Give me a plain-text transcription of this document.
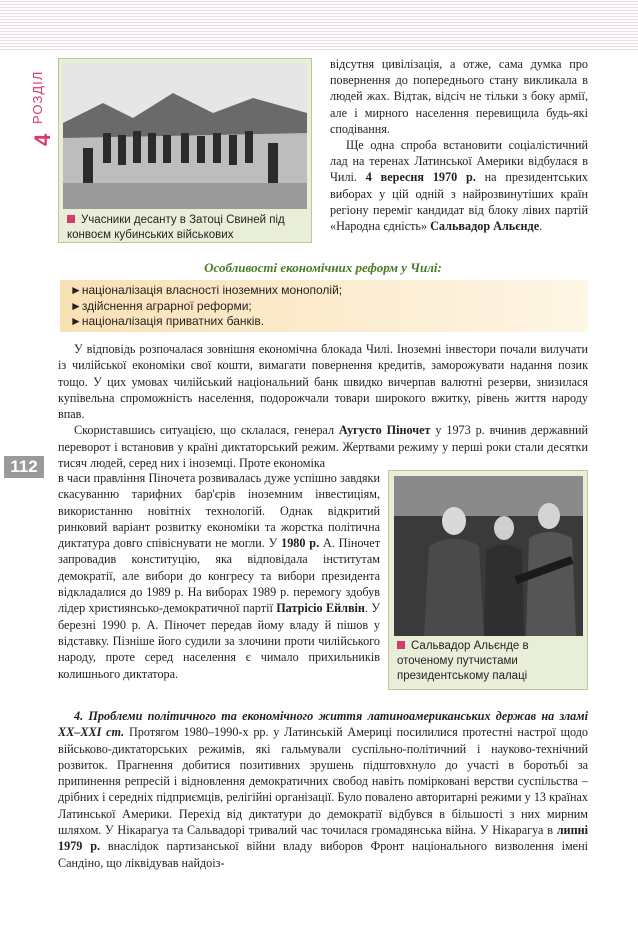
РОЗДІЛ
4
112
Учасники десанту в Затоці Свиней під конвоєм кубинських військових

відсутня цивілізація, а отже, сама думка про повернення до попереднього стану викликала в людей жах. Відтак, відсіч не тільки з боку армії, але і мирного населення перевищила будь-які сподівання.

Ще одна спроба встановити соціалістичний лад на теренах Латинської Америки відбулася в Чилі. 4 вересня 1970 р. на президентських виборах у цій одній з найрозвинутіших країн регіону переміг кандидат від блоку лівих партій «Народна єдність» Сальвадор Альєнде.

Особливості економічних реформ у Чилі:
►націоналізація власності іноземних монополій;
►здійснення аграрної реформи;
►націоналізація приватних банків.

У відповідь розпочалася зовнішня економічна блокада Чилі. Іноземні інвестори почали вилучати із чилійської економіки свої кошти, вимагати повернення кредитів, заморожувати надання позик тощо. У цих умовах чилійський національний банк швидко вичерпав валютні резерви, знизилася купівельна спроможність населення, подорожчали товари широкого вжитку, рівень життя народу впав.

Скориставшись ситуацією, що склалася, генерал Аугусто Піночет у 1973 р. вчинив державний переворот і встановив у країні диктаторський режим. Жертвами режиму у перші роки стали десятки тисяч людей, серед них і іноземці. Проте економіка

в часи правління Піночета розвивалась дуже успішно завдяки скасуванню тарифних бар'єрів іноземним інвестиціям, використанню новітніх технологій. Однак відкритий ринковий варіант розвитку економіки та жорстка політична диктатура довго співіснувати не могли. У 1980 р. А. Піночет запровадив конституцію, яка відповідала інститутам демократії, але вибори до конгресу та вибори президента відкладалися до 1989 р. На виборах 1989 р. перемогу здобув лідер християнсько-демократичної партії Патрісіо Ейлвін. У березні 1990 р. А. Піночет передав йому владу й пішов у відставку. Пізніше його судили за злочини проти чилійського народу, проте серед населення є чимало прихильників колишнього диктатора.
Сальвадор Альєнде в оточеному путчистами президентському палаці

4. Проблеми політичного та економічного життя латиноамериканських держав на зламі XX–XXI ст. Протягом 1980–1990-х рр. у Латинській Америці посилилися протестні настрої щодо військово-диктаторських режимів, які гальмували суспільно-політичний і науково-технічний розвиток. Прагнення добитися позитивних зрушень підштовхнуло до участі в боротьбі за припинення репресій і відновлення демократичних свобод навіть поміркованi верстви суспільства – дрібних і середніх підприємців, релігійні організації. Було повалено авторитарні режими у 13 країнах Латинської Америки. Перехід від диктатури до демократії відбувся в більшості з них мирним шляхом. У Нікарагуа та Сальвадорі тривалий час точилася громадянська війна. У Нікарагуа в липні 1979 р. внаслідок партизанської війни владу виборов Фронт національного визволення імені Сандіно, що ліквідував найдоіз-
